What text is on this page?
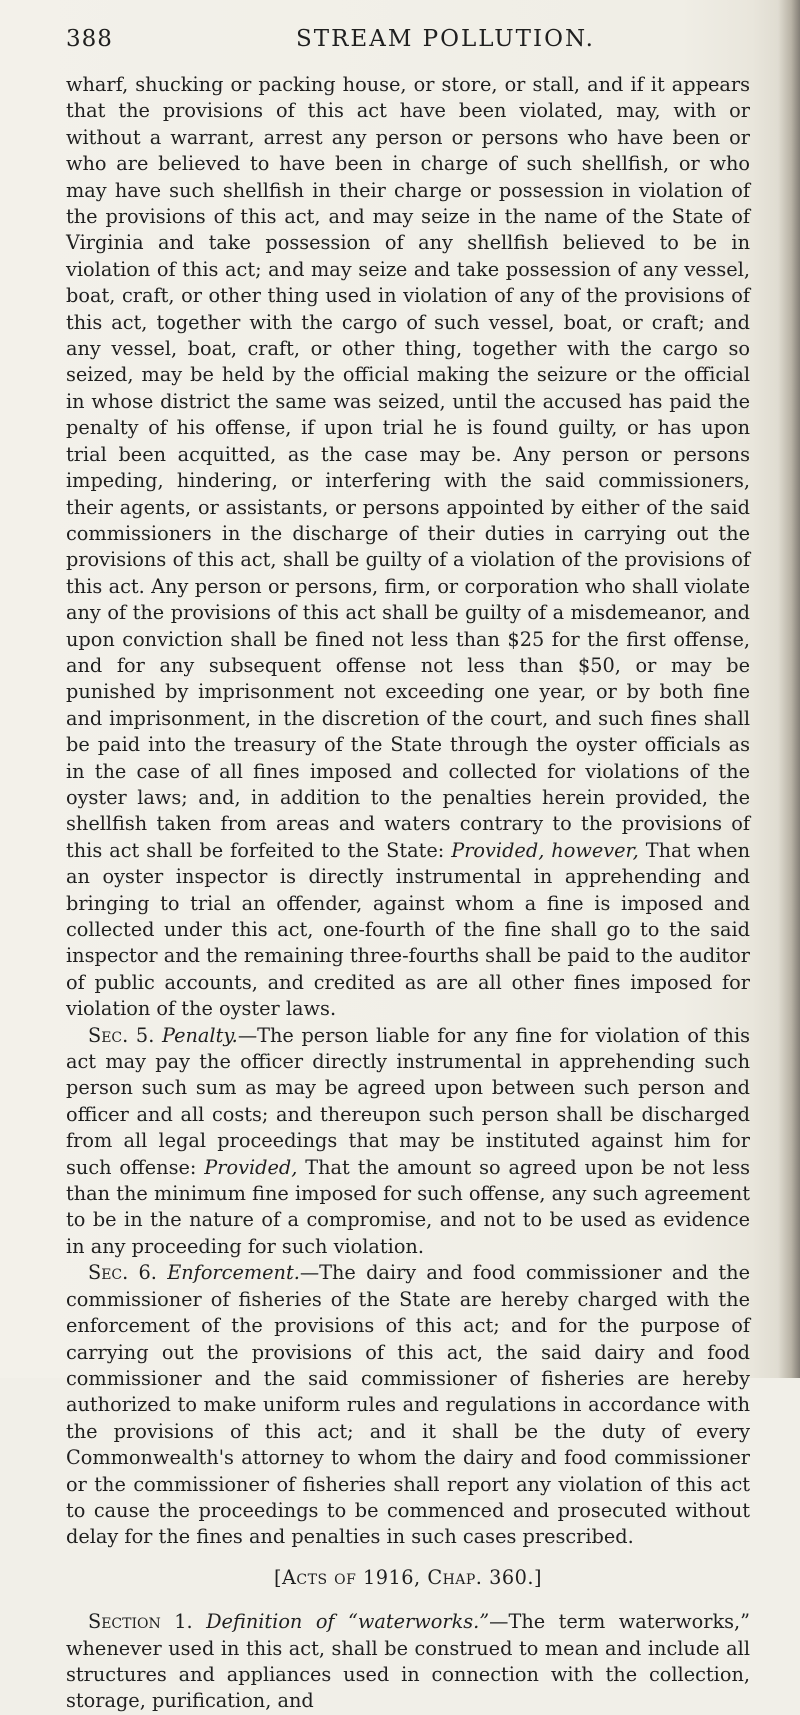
388	STREAM POLLUTION.

wharf, shucking or packing house, or store, or stall, and if it appears that the provisions of this act have been violated, may, with or without a warrant, arrest any person or persons who have been or who are believed to have been in charge of such shellfish, or who may have such shellfish in their charge or possession in violation of the provisions of this act, and may seize in the name of the State of Virginia and take possession of any shellfish believed to be in violation of this act; and may seize and take possession of any vessel, boat, craft, or other thing used in violation of any of the provisions of this act, together with the cargo of such vessel, boat, or craft; and any vessel, boat, craft, or other thing, together with the cargo so seized, may be held by the official making the seizure or the official in whose district the same was seized, until the accused has paid the penalty of his offense, if upon trial he is found guilty, or has upon trial been acquitted, as the case may be. Any person or persons impeding, hindering, or interfering with the said commissioners, their agents, or assistants, or persons appointed by either of the said commissioners in the discharge of their duties in carrying out the provisions of this act, shall be guilty of a violation of the provisions of this act. Any person or persons, firm, or corporation who shall violate any of the provisions of this act shall be guilty of a misdemeanor, and upon conviction shall be fined not less than $25 for the first offense, and for any subsequent offense not less than $50, or may be punished by imprisonment not exceeding one year, or by both fine and imprisonment, in the discretion of the court, and such fines shall be paid into the treasury of the State through the oyster officials as in the case of all fines imposed and collected for violations of the oyster laws; and, in addition to the penalties herein provided, the shellfish taken from areas and waters contrary to the provisions of this act shall be forfeited to the State: Provided, however, That when an oyster inspector is directly instrumental in apprehending and bringing to trial an offender, against whom a fine is imposed and collected under this act, one-fourth of the fine shall go to the said inspector and the remaining three-fourths shall be paid to the auditor of public accounts, and credited as are all other fines imposed for violation of the oyster laws.

Sec. 5. Penalty.—The person liable for any fine for violation of this act may pay the officer directly instrumental in apprehending such person such sum as may be agreed upon between such person and officer and all costs; and thereupon such person shall be discharged from all legal proceedings that may be instituted against him for such offense: Provided, That the amount so agreed upon be not less than the minimum fine imposed for such offense, any such agreement to be in the nature of a compromise, and not to be used as evidence in any proceeding for such violation.

Sec. 6. Enforcement.—The dairy and food commissioner and the commissioner of fisheries of the State are hereby charged with the enforcement of the provisions of this act; and for the purpose of carrying out the provisions of this act, the said dairy and food commissioner and the said commissioner of fisheries are hereby authorized to make uniform rules and regulations in accordance with the provisions of this act; and it shall be the duty of every Commonwealth's attorney to whom the dairy and food commissioner or the commissioner of fisheries shall report any violation of this act to cause the proceedings to be commenced and prosecuted without delay for the fines and penalties in such cases prescribed.

[Acts of 1916, Chap. 360.]

Section 1. Definition of “waterworks.”—The term waterworks,” whenever used in this act, shall be construed to mean and include all structures and appliances used in connection with the collection, storage, purification, and
